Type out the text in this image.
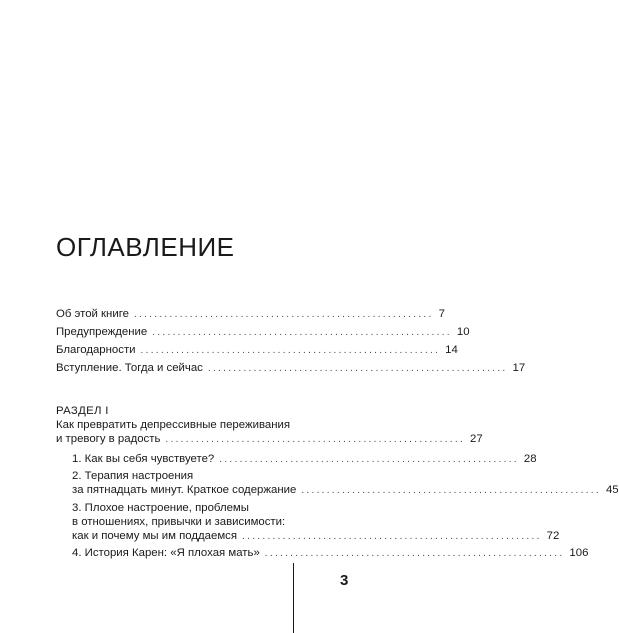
ОГЛАВЛЕНИЕ
Об этой книге ........................................................... 7
Предупреждение ........................................................... 10
Благодарности ........................................................... 14
Вступление. Тогда и сейчас ........................................................... 17
РАЗДЕЛ I
Как превратить депрессивные переживания
и тревогу в радость ........................................................... 27
1. Как вы себя чувствуете? ........................................................... 28
2. Терапия настроения
за пятнадцать минут. Краткое содержание ........................................................... 45
3. Плохое настроение, проблемы
в отношениях, привычки и зависимости:
как и почему мы им поддаемся ........................................................... 72
4. История Карен: «Я плохая мать» ........................................................... 106
3
